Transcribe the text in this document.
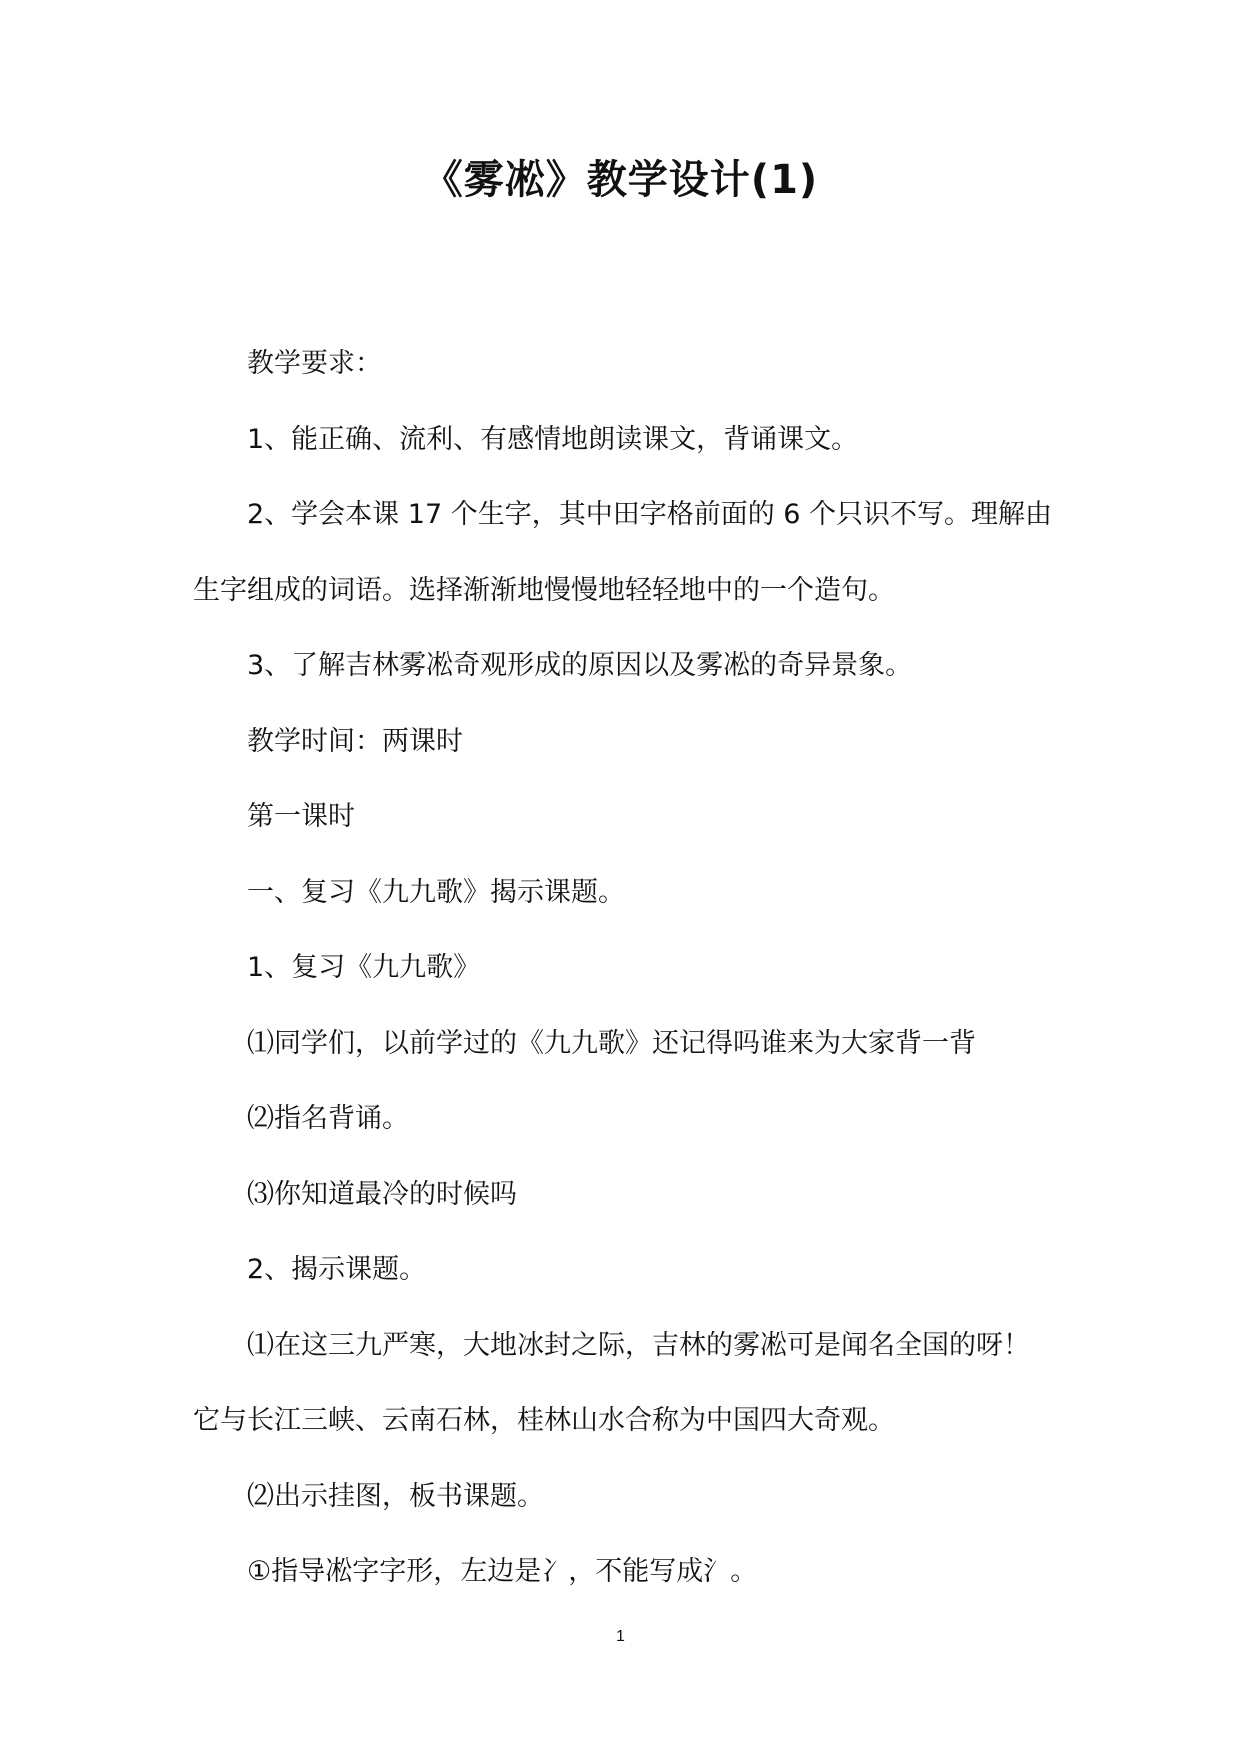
《雾凇》教学设计(1)

教学要求：

1、能正确、流利、有感情地朗读课文，背诵课文。

2、学会本课 17 个生字，其中田字格前面的 6 个只识不写。理解由生字组成的词语。选择渐渐地慢慢地轻轻地中的一个造句。

3、了解吉林雾凇奇观形成的原因以及雾凇的奇异景象。

教学时间：两课时

第一课时

一、复习《九九歌》揭示课题。

1、复习《九九歌》

⑴同学们，以前学过的《九九歌》还记得吗谁来为大家背一背

⑵指名背诵。

⑶你知道最冷的时候吗

2、揭示课题。

⑴在这三九严寒，大地冰封之际，吉林的雾凇可是闻名全国的呀！它与长江三峡、云南石林，桂林山水合称为中国四大奇观。

⑵出示挂图，板书课题。

①指导凇字字形，左边是冫，不能写成氵。

1
